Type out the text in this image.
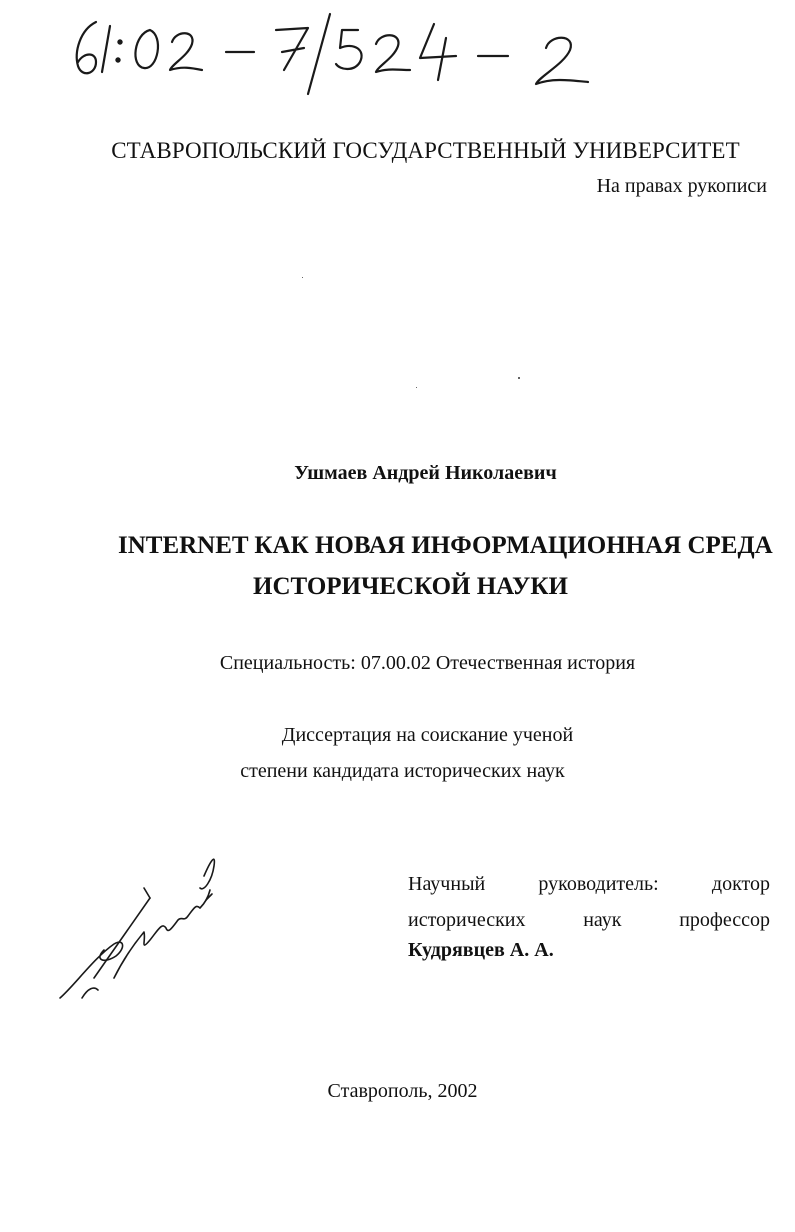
СТАВРОПОЛЬСКИЙ ГОСУДАРСТВЕННЫЙ УНИВЕРСИТЕТ
На правах рукописи
Ушмаев Андрей Николаевич
INTERNET КАК НОВАЯ ИНФОРМАЦИОННАЯ СРЕДА
ИСТОРИЧЕСКОЙ НАУКИ
Специальность: 07.00.02 Отечественная история
Диссертация на соискание ученой
степени кандидата исторических наук
Научный руководитель: доктор
исторических наук профессор
Кудрявцев А. А.
Ставрополь, 2002
